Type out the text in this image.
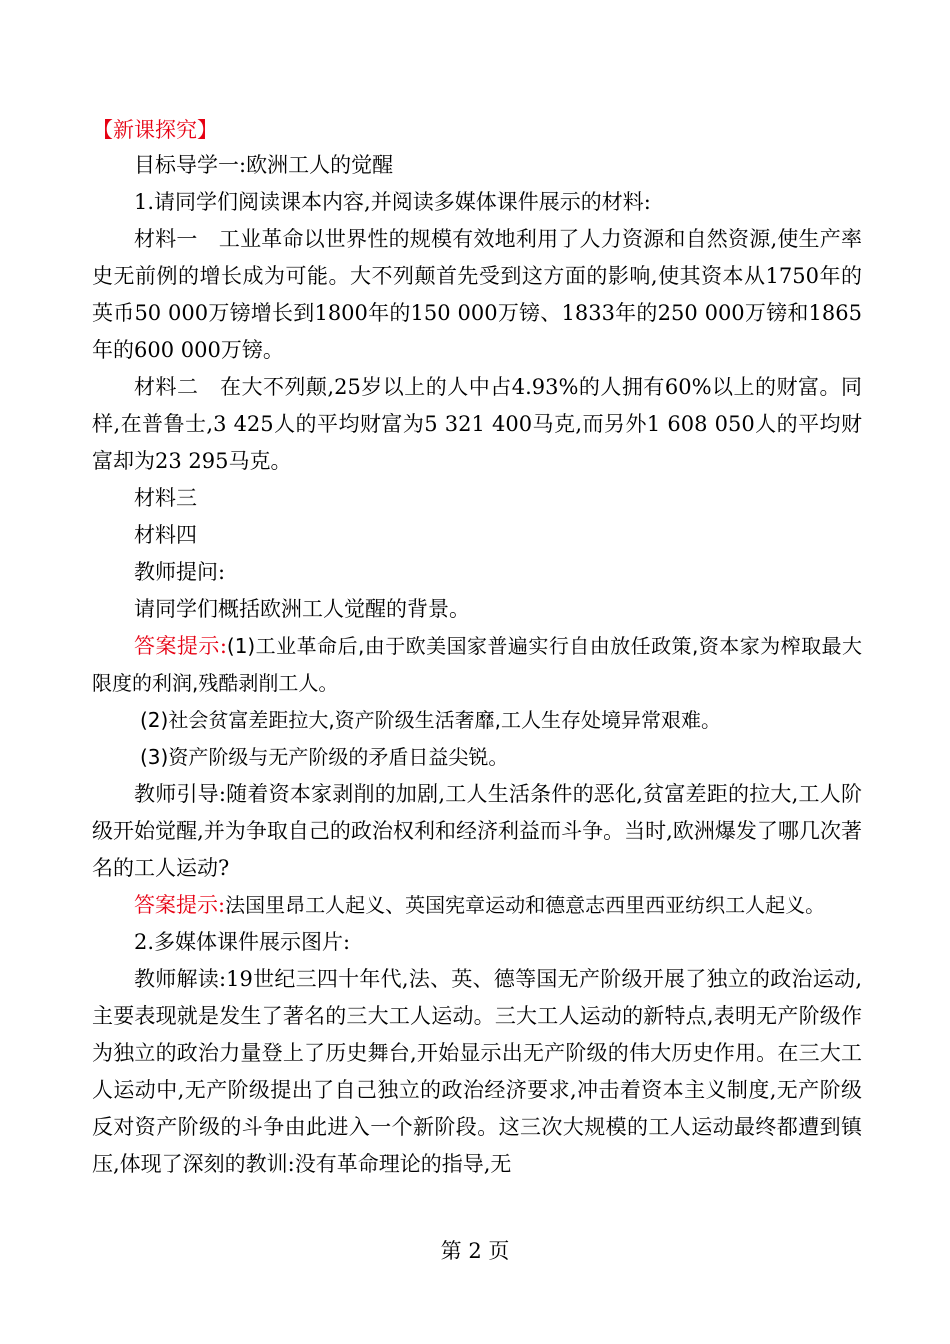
【新课探究】

目标导学一:欧洲工人的觉醒

1.请同学们阅读课本内容,并阅读多媒体课件展示的材料:

材料一　工业革命以世界性的规模有效地利用了人力资源和自然资源,使生产率史无前例的增长成为可能。大不列颠首先受到这方面的影响,使其资本从1750年的英币50 000万镑增长到1800年的150 000万镑、1833年的250 000万镑和1865年的600 000万镑。

材料二　在大不列颠,25岁以上的人中占4.93%的人拥有60%以上的财富。同样,在普鲁士,3 425人的平均财富为5 321 400马克,而另外1 608 050人的平均财富却为23 295马克。

材料三

材料四

教师提问:

请同学们概括欧洲工人觉醒的背景。

答案提示:(1)工业革命后,由于欧美国家普遍实行自由放任政策,资本家为榨取最大限度的利润,残酷剥削工人。

(2)社会贫富差距拉大,资产阶级生活奢靡,工人生存处境异常艰难。

(3)资产阶级与无产阶级的矛盾日益尖锐。

教师引导:随着资本家剥削的加剧,工人生活条件的恶化,贫富差距的拉大,工人阶级开始觉醒,并为争取自己的政治权利和经济利益而斗争。当时,欧洲爆发了哪几次著名的工人运动?

答案提示:法国里昂工人起义、英国宪章运动和德意志西里西亚纺织工人起义。

2.多媒体课件展示图片:

教师解读:19世纪三四十年代,法、英、德等国无产阶级开展了独立的政治运动,主要表现就是发生了著名的三大工人运动。三大工人运动的新特点,表明无产阶级作为独立的政治力量登上了历史舞台,开始显示出无产阶级的伟大历史作用。在三大工人运动中,无产阶级提出了自己独立的政治经济要求,冲击着资本主义制度,无产阶级反对资产阶级的斗争由此进入一个新阶段。这三次大规模的工人运动最终都遭到镇压,体现了深刻的教训:没有革命理论的指导,无

第 2 页
